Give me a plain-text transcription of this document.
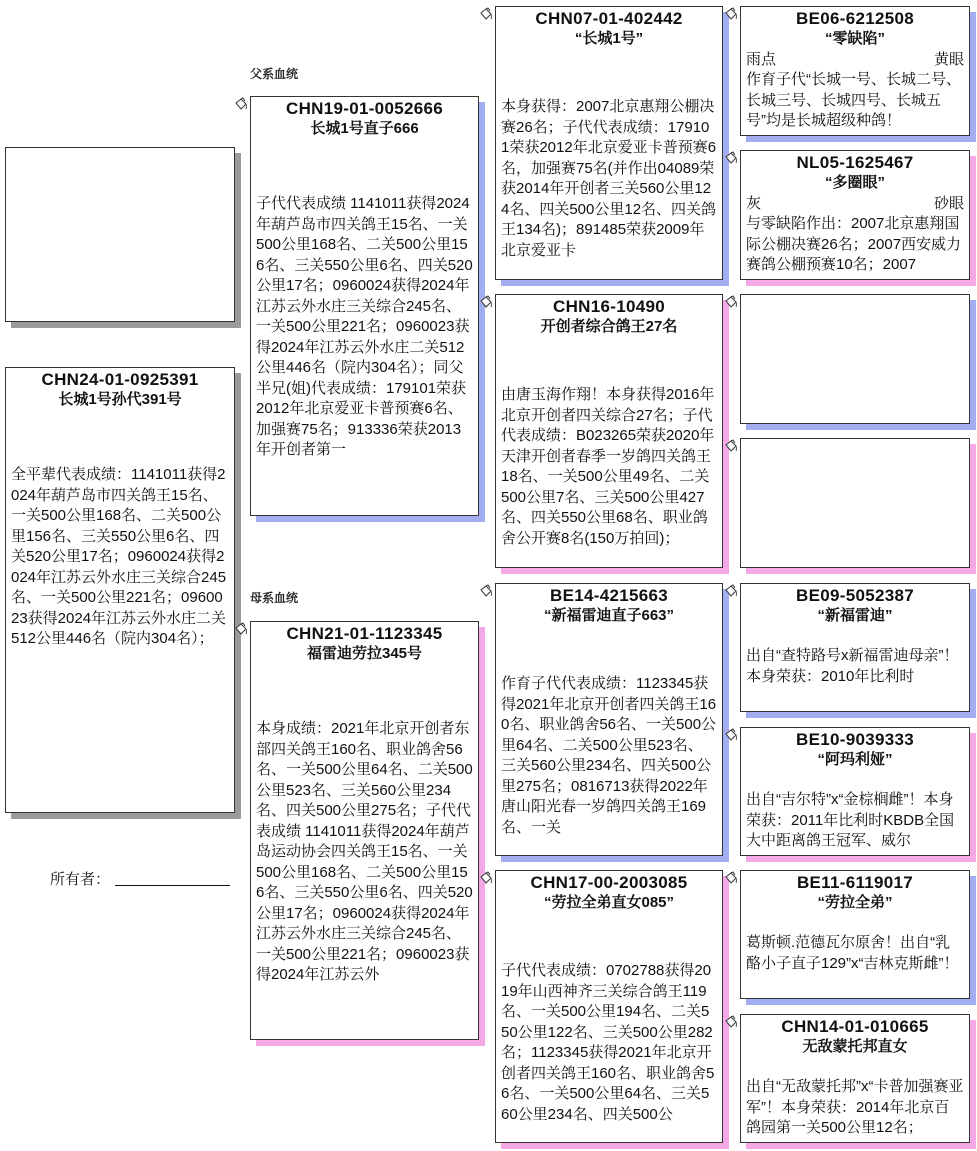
父系血统
母系血统
所有者：
CHN24-01-0925391
长城1号孙代391号
全平辈代表成绩：1141011获得2024年葫芦岛市四关鸽王15名、一关500公里168名、二关500公里156名、三关550公里6名、四关520公里17名；0960024获得2024年江苏云外水庄三关综合245名、一关500公里221名；0960023获得2024年江苏云外水庄二关512公里446名（院内304名）；
CHN19-01-0052666
长城1号直子666
子代代表成绩 1141011获得2024年葫芦岛市四关鸽王15名、一关500公里168名、二关500公里156名、三关550公里6名、四关520公里17名；0960024获得2024年江苏云外水庄三关综合245名、一关500公里221名；0960023获得2024年江苏云外水庄二关512公里446名（院内304名）；同父半兄(姐)代表成绩：179101荣获2012年北京爱亚卡普预赛6名、加强赛75名；913336荣获2013年开创者第一
CHN21-01-1123345
福雷迪劳拉345号
本身成绩：2021年北京开创者东部四关鸽王160名、职业鸽舍56名、一关500公里64名、二关500公里523名、三关560公里234名、四关500公里275名；子代代表成绩 1141011获得2024年葫芦岛运动协会四关鸽王15名、一关500公里168名、二关500公里156名、三关550公里6名、四关520公里17名；0960024获得2024年江苏云外水庄三关综合245名、一关500公里221名；0960023获得2024年江苏云外
CHN07-01-402442
“长城1号”
本身获得：2007北京惠翔公棚决赛26名；子代代表成绩：179101荣获2012年北京爱亚卡普预赛6名，加强赛75名(并作出04089荣获2014年开创者三关560公里124名、四关500公里12名、四关鸽王134名)；891485荣获2009年北京爱亚卡
CHN16-10490
开创者综合鸽王27名
由唐玉海作翔！本身获得2016年北京开创者四关综合27名；子代代表成绩：B023265荣获2020年天津开创者春季一岁鸽四关鸽王18名、一关500公里49名、二关500公里7名、三关500公里427名、四关550公里68名、职业鸽舍公开赛8名(150万拍回)；
BE14-4215663
“新福雷迪直子663”
作育子代代表成绩：1123345获得2021年北京开创者四关鸽王160名、职业鸽舍56名、一关500公里64名、二关500公里523名、三关560公里234名、四关500公里275名；0816713获得2022年唐山阳光春一岁鸽四关鸽王169名、一关
CHN17-00-2003085
“劳拉全弟直女085”
子代代表成绩：0702788获得2019年山西神齐三关综合鸽王119名、一关500公里194名、二关550公里122名、三关500公里282名；1123345获得2021年北京开创者四关鸽王160名、职业鸽舍56名、一关500公里64名、三关560公里234名、四关500公
BE06-6212508
“零缺陷”
雨点	黄眼
作育子代“长城一号、长城二号、长城三号、长城四号、长城五号”均是长城超级种鸽！
NL05-1625467
“多圈眼”
灰	砂眼
与零缺陷作出：2007北京惠翔国际公棚决赛26名；2007西安威力赛鸽公棚预赛10名；2007
BE09-5052387
“新福雷迪”
出自“查特路号x新福雷迪母亲”！本身荣获：2010年比利时
BE10-9039333
“阿玛利娅”
出自“吉尔特”x“金棕榈雌”！本身荣获：2011年比利时KBDB全国大中距离鸽王冠军、威尔
BE11-6119017
“劳拉全弟”
葛斯顿.范德瓦尔原舍！出自“乳酪小子直子129”x“吉林克斯雌”！
CHN14-01-010665
无敌蒙托邦直女
出自“无敌蒙托邦”x“卡普加强赛亚军”！本身荣获：2014年北京百鸽园第一关500公里12名；
